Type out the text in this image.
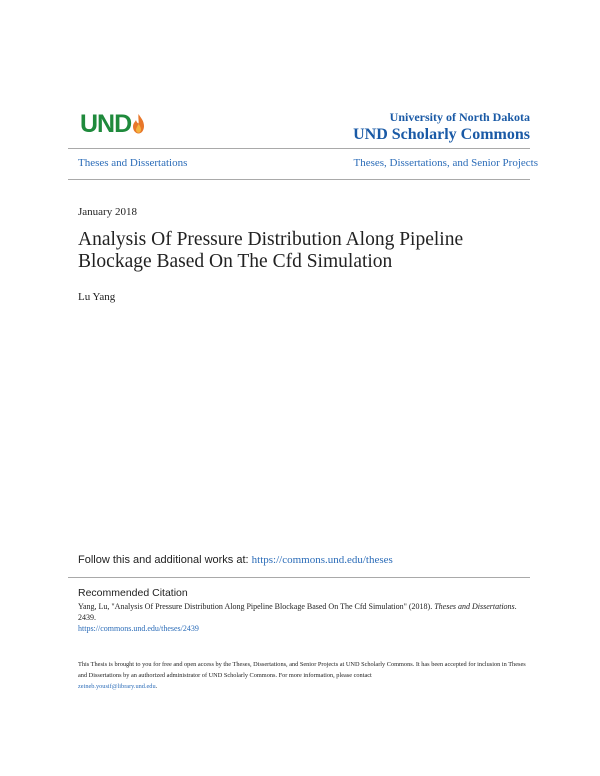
UND	University of North Dakota
UND Scholarly Commons
Theses and Dissertations	Theses, Dissertations, and Senior Projects
January 2018
Analysis Of Pressure Distribution Along Pipeline Blockage Based On The Cfd Simulation
Lu Yang
Follow this and additional works at: https://commons.und.edu/theses
Recommended Citation
Yang, Lu, "Analysis Of Pressure Distribution Along Pipeline Blockage Based On The Cfd Simulation" (2018). Theses and Dissertations.
2439.
https://commons.und.edu/theses/2439
This Thesis is brought to you for free and open access by the Theses, Dissertations, and Senior Projects at UND Scholarly Commons. It has been accepted for inclusion in Theses and Dissertations by an authorized administrator of UND Scholarly Commons. For more information, please contact
zeineb.yousif@library.und.edu.
